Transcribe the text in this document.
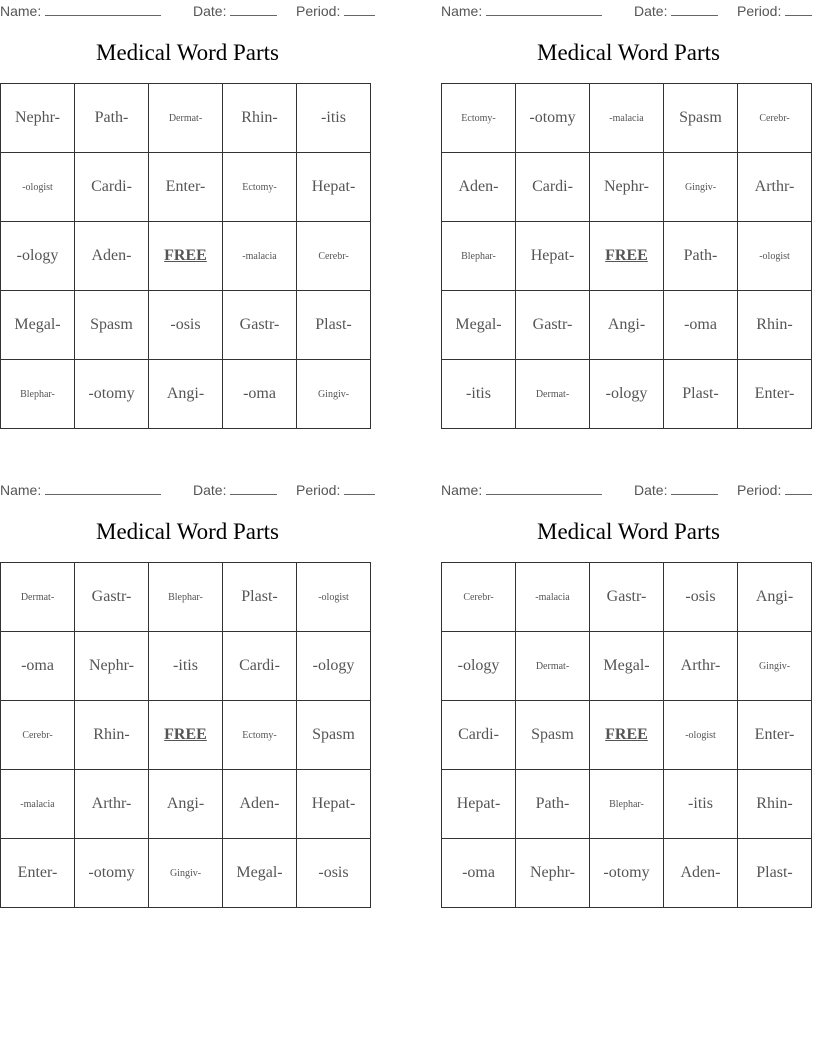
Name:	Date:	Period:
Medical Word Parts
Nephr-	Path-	Dermat-	Rhin-	-itis
-ologist	Cardi-	Enter-	Ectomy-	Hepat-
-ology	Aden-	FREE	-malacia	Cerebr-
Megal-	Spasm	-osis	Gastr-	Plast-
Blephar-	-otomy	Angi-	-oma	Gingiv-
Name:	Date:	Period:
Medical Word Parts
Ectomy-	-otomy	-malacia	Spasm	Cerebr-
Aden-	Cardi-	Nephr-	Gingiv-	Arthr-
Blephar-	Hepat-	FREE	Path-	-ologist
Megal-	Gastr-	Angi-	-oma	Rhin-
-itis	Dermat-	-ology	Plast-	Enter-
Name:	Date:	Period:
Medical Word Parts
Dermat-	Gastr-	Blephar-	Plast-	-ologist
-oma	Nephr-	-itis	Cardi-	-ology
Cerebr-	Rhin-	FREE	Ectomy-	Spasm
-malacia	Arthr-	Angi-	Aden-	Hepat-
Enter-	-otomy	Gingiv-	Megal-	-osis
Name:	Date:	Period:
Medical Word Parts
Cerebr-	-malacia	Gastr-	-osis	Angi-
-ology	Dermat-	Megal-	Arthr-	Gingiv-
Cardi-	Spasm	FREE	-ologist	Enter-
Hepat-	Path-	Blephar-	-itis	Rhin-
-oma	Nephr-	-otomy	Aden-	Plast-
